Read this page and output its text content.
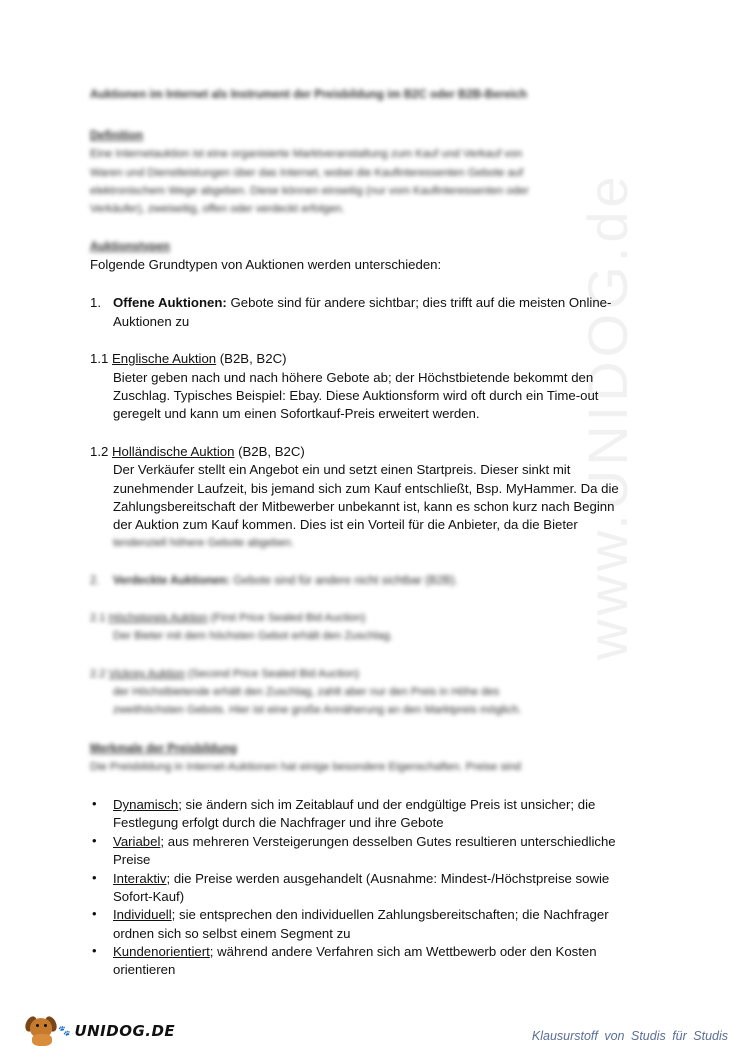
www.UNIDOG.de
Auktionen im Internet als Instrument der Preisbildung im B2C oder B2B-Bereich
Definition
Eine Internetauktion ist eine organisierte Marktveranstaltung zum Kauf und Verkauf von
Waren und Dienstleistungen über das Internet, wobei die Kaufinteressenten Gebote auf
elektronischem Wege abgeben. Diese können einseitig (nur vom Kaufinteressenten oder
Verkäufer), zweiseitig, offen oder verdeckt erfolgen.
Auktionstypen
Folgende Grundtypen von Auktionen werden unterschieden:
1. Offene Auktionen: Gebote sind für andere sichtbar; dies trifft auf die meisten Online-
Auktionen zu
1.1 Englische Auktion (B2B, B2C)
Bieter geben nach und nach höhere Gebote ab; der Höchstbietende bekommt den
Zuschlag. Typisches Beispiel: Ebay. Diese Auktionsform wird oft durch ein Time-out
geregelt und kann um einen Sofortkauf-Preis erweitert werden.
1.2 Holländische Auktion (B2B, B2C)
Der Verkäufer stellt ein Angebot ein und setzt einen Startpreis. Dieser sinkt mit
zunehmender Laufzeit, bis jemand sich zum Kauf entschließt, Bsp. MyHammer. Da die
Zahlungsbereitschaft der Mitbewerber unbekannt ist, kann es schon kurz nach Beginn
der Auktion zum Kauf kommen. Dies ist ein Vorteil für die Anbieter, da die Bieter
tendenziell höhere Gebote abgeben.
2. Verdeckte Auktionen: Gebote sind für andere nicht sichtbar (B2B).
2.1 Höchstpreis Auktion (First Price Sealed Bid Auction)
Der Bieter mit dem höchsten Gebot erhält den Zuschlag.
2.2 Vickrey Auktion (Second Price Sealed Bid Auction)
der Höchstbietende erhält den Zuschlag, zahlt aber nur den Preis in Höhe des
zweithöchsten Gebots. Hier ist eine große Annäherung an den Marktpreis möglich.
Merkmale der Preisbildung
Die Preisbildung in Internet-Auktionen hat einige besondere Eigenschaften. Preise sind
• Dynamisch; sie ändern sich im Zeitablauf und der endgültige Preis ist unsicher; die
Festlegung erfolgt durch die Nachfrager und ihre Gebote
• Variabel; aus mehreren Versteigerungen desselben Gutes resultieren unterschiedliche
Preise
• Interaktiv; die Preise werden ausgehandelt (Ausnahme: Mindest-/Höchstpreise sowie
Sofort-Kauf)
• Individuell; sie entsprechen den individuellen Zahlungsbereitschaften; die Nachfrager
ordnen sich so selbst einem Segment zu
• Kundenorientiert; während andere Verfahren sich am Wettbewerb oder den Kosten
orientieren
🐾 UNIDOG.DE	Klausurstoff von Studis für Studis
